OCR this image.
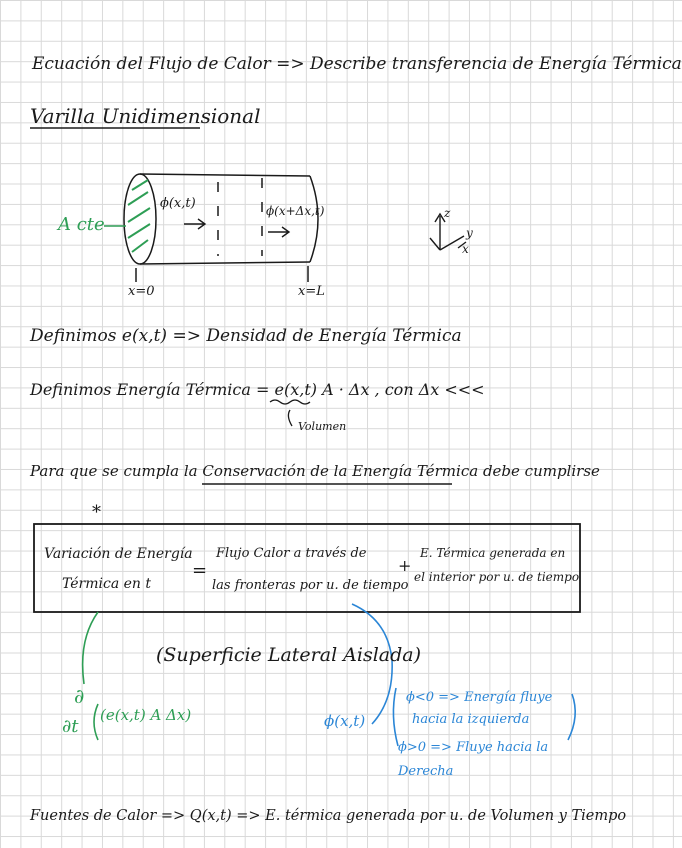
Ecuación del Flujo de Calor => Describe transferencia de Energía Térmica
Varilla Unidimensional
A cte
ϕ(x,t)	ϕ(x+Δx,t)
x=0	x=L
z
y
x
Definimos e(x,t) => Densidad de Energía Térmica
Definimos Energía Térmica = e(x,t) A · Δx , con Δx <<<
Volumen
Para que se cumpla la Conservación de la Energía Térmica debe cumplirse
*
Variación de Energía
Térmica en t
=
Flujo Calor a través de
las fronteras por u. de tiempo
+
E. Térmica generada en
el interior por u. de tiempo
(Superficie Lateral Aislada)
∂
∂t
(e(x,t) A Δx)	ϕ(x,t)
ϕ<0 => Energía fluye
hacia la izquierda
ϕ>0 => Fluye hacia la
Derecha
Fuentes de Calor => Q(x,t) => E. térmica generada por u. de Volumen y Tiempo
